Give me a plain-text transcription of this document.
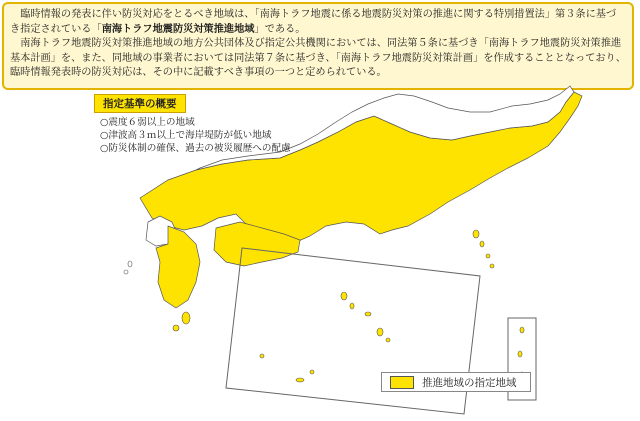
臨時情報の発表に伴い防災対応をとるべき地域は、「南海トラフ地震に係る地震防災対策の推進に関する特別措置法」第３条に基づき指定されている「南海トラフ地震防災対策推進地域」である。

南海トラフ地震防災対策推進地域の地方公共団体及び指定公共機関においては、同法第５条に基づき「南海トラフ地震防災対策推進基本計画」を、また、同地域の事業者においては同法第７条に基づき、「南海トラフ地震防災対策計画」を作成することとなっており、臨時情報発表時の防災対応は、その中に記載すべき事項の一つと定められている。

指定基準の概要
○震度６弱以上の地域
○津波高３ｍ以上で海岸堤防が低い地域
○防災体制の確保、過去の被災履歴への配慮
推進地域の指定地域
